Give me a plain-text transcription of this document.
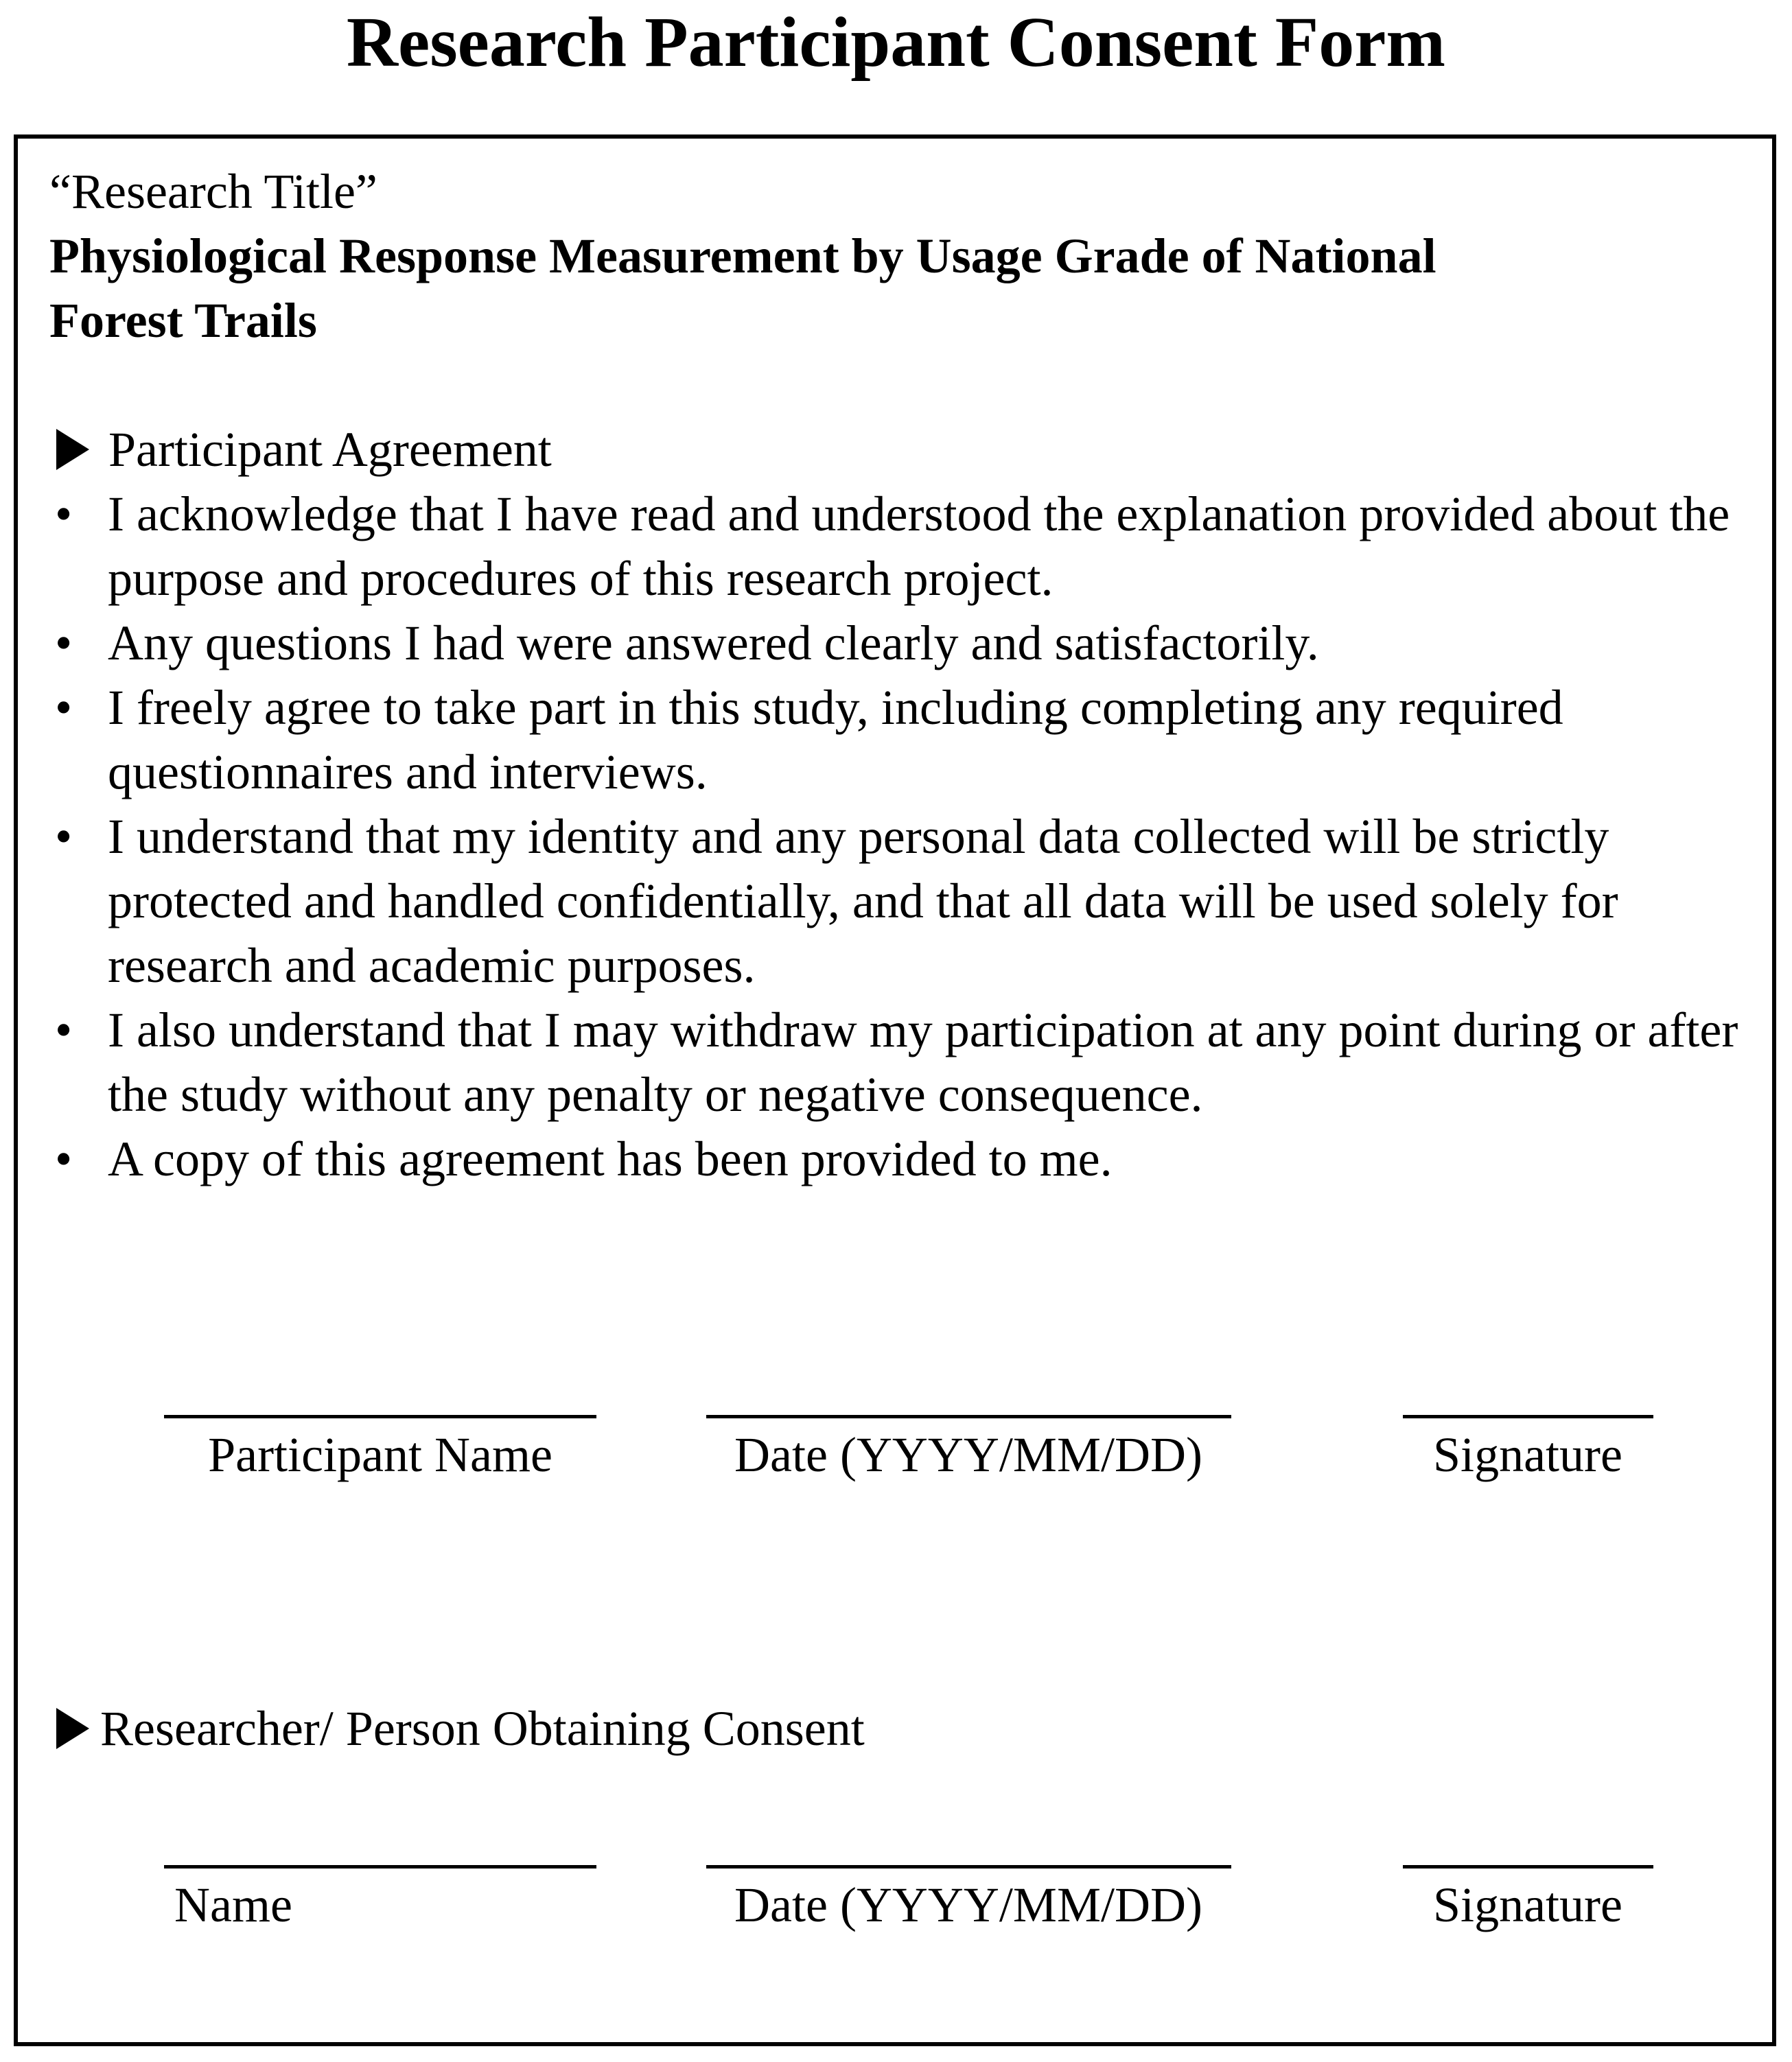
Research Participant Consent Form

“Research Title”

Physiological Response Measurement by Usage Grade of National

Forest Trails

Participant Agreement

• I acknowledge that I have read and understood the explanation provided about the purpose and procedures of this research project.
• Any questions I had were answered clearly and satisfactorily.
• I freely agree to take part in this study, including completing any required questionnaires and interviews.
• I understand that my identity and any personal data collected will be strictly protected and handled confidentially, and that all data will be used solely for research and academic purposes.
• I also understand that I may withdraw my participation at any point during or after the study without any penalty or negative consequence.
• A copy of this agreement has been provided to me.
Participant Name	Date (YYYY/MM/DD)	Signature

Researcher/ Person Obtaining Consent

Name	Date (YYYY/MM/DD)	Signature
